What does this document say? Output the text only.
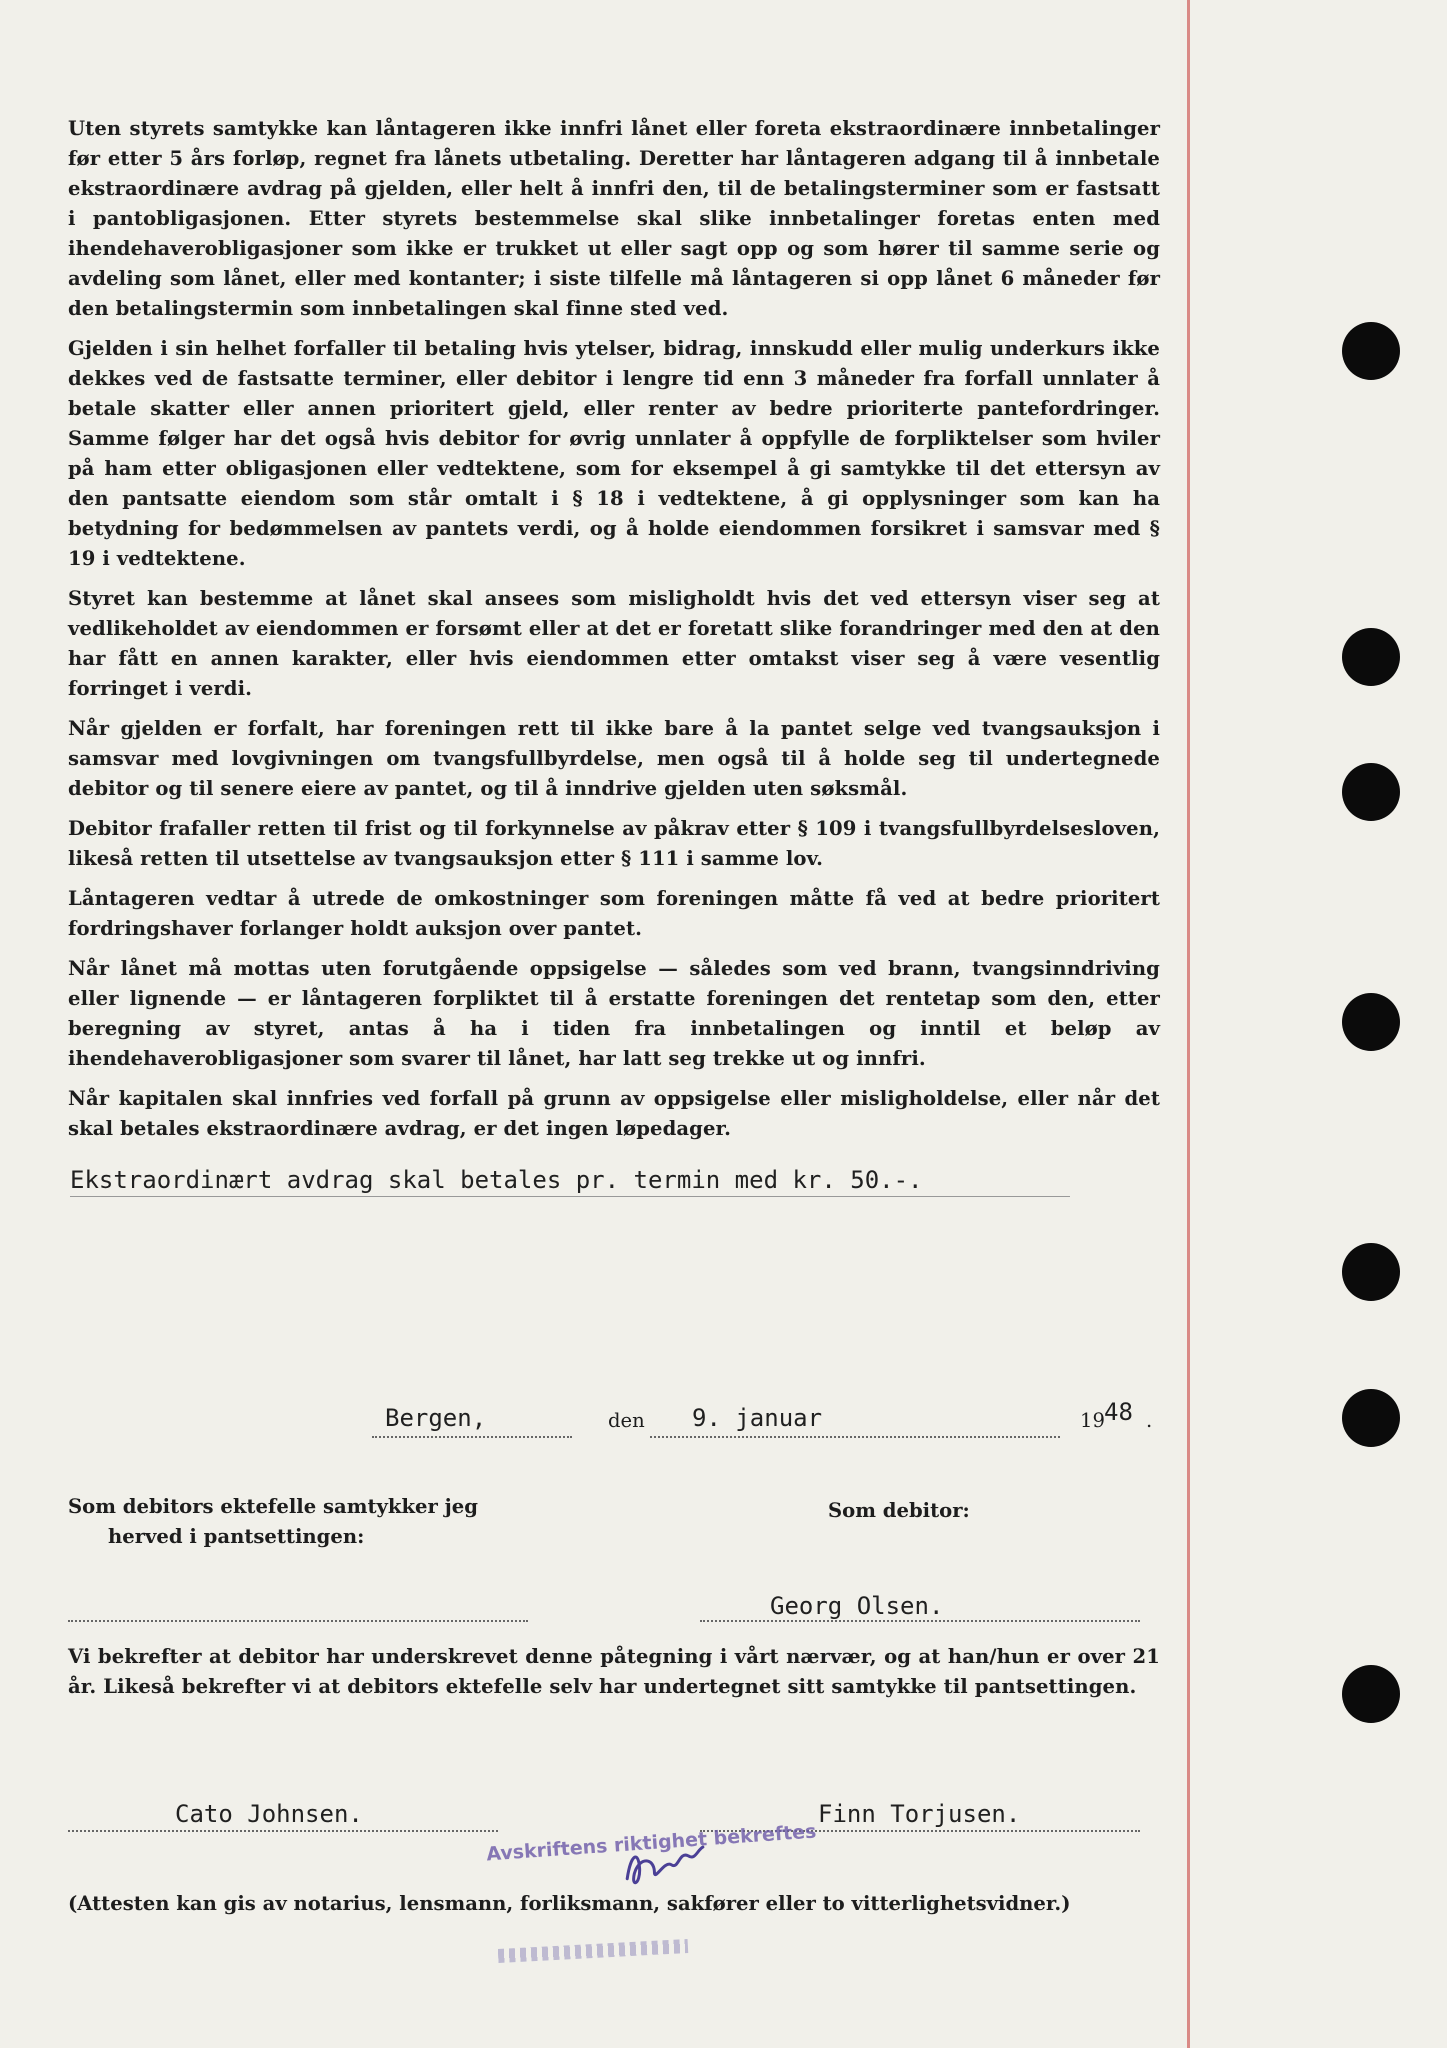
Uten styrets samtykke kan låntageren ikke innfri lånet eller foreta ekstraordinære innbetalinger før etter 5 års forløp, regnet fra lånets utbetaling. Deretter har låntageren adgang til å innbetale ekstraordinære avdrag på gjelden, eller helt å innfri den, til de betalingsterminer som er fastsatt i pantobligasjonen. Etter styrets bestemmelse skal slike innbetalinger foretas enten med ihendehaverobligasjoner som ikke er trukket ut eller sagt opp og som hører til samme serie og avdeling som lånet, eller med kontanter; i siste tilfelle må låntageren si opp lånet 6 måneder før den betalingstermin som innbetalingen skal finne sted ved.

Gjelden i sin helhet forfaller til betaling hvis ytelser, bidrag, innskudd eller mulig underkurs ikke dekkes ved de fastsatte terminer, eller debitor i lengre tid enn 3 måneder fra forfall unnlater å betale skatter eller annen prioritert gjeld, eller renter av bedre prioriterte pantefordringer. Samme følger har det også hvis debitor for øvrig unnlater å oppfylle de forpliktelser som hviler på ham etter obligasjonen eller vedtektene, som for eksempel å gi samtykke til det ettersyn av den pantsatte eiendom som står omtalt i § 18 i vedtektene, å gi opplysninger som kan ha betydning for bedømmelsen av pantets verdi, og å holde eiendommen forsikret i samsvar med § 19 i vedtektene.

Styret kan bestemme at lånet skal ansees som misligholdt hvis det ved ettersyn viser seg at vedlikeholdet av eiendommen er forsømt eller at det er foretatt slike forandringer med den at den har fått en annen karakter, eller hvis eiendommen etter omtakst viser seg å være vesentlig forringet i verdi.

Når gjelden er forfalt, har foreningen rett til ikke bare å la pantet selge ved tvangsauksjon i samsvar med lovgivningen om tvangsfullbyrdelse, men også til å holde seg til undertegnede debitor og til senere eiere av pantet, og til å inndrive gjelden uten søksmål.

Debitor frafaller retten til frist og til forkynnelse av påkrav etter § 109 i tvangsfullbyrdelsesloven, likeså retten til utsettelse av tvangsauksjon etter § 111 i samme lov.

Låntageren vedtar å utrede de omkostninger som foreningen måtte få ved at bedre prioritert fordringshaver forlanger holdt auksjon over pantet.

Når lånet må mottas uten forutgående oppsigelse — således som ved brann, tvangsinndriving eller lignende — er låntageren forpliktet til å erstatte foreningen det rentetap som den, etter beregning av styret, antas å ha i tiden fra innbetalingen og inntil et beløp av ihendehaverobligasjoner som svarer til lånet, har latt seg trekke ut og innfri.

Når kapitalen skal innfries ved forfall på grunn av oppsigelse eller misligholdelse, eller når det skal betales ekstraordinære avdrag, er det ingen løpedager.

Ekstraordinært avdrag skal betales pr. termin med kr. 50.-.
Bergen,	den 9. januar	19 48 .
Som debitors ektefelle samtykker jeg
herved i pantsettingen:
Som debitor:
Georg Olsen.

Vi bekrefter at debitor har underskrevet denne påtegning i vårt nærvær, og at han/hun er over 21 år. Likeså bekrefter vi at debitors ektefelle selv har undertegnet sitt samtykke til pantsettingen.

Cato Johnsen.	Finn Torjusen.
Avskriftens riktighet bekreftes
(Attesten kan gis av notarius, lensmann, forliksmann, sakfører eller to vitterlighetsvidner.)
